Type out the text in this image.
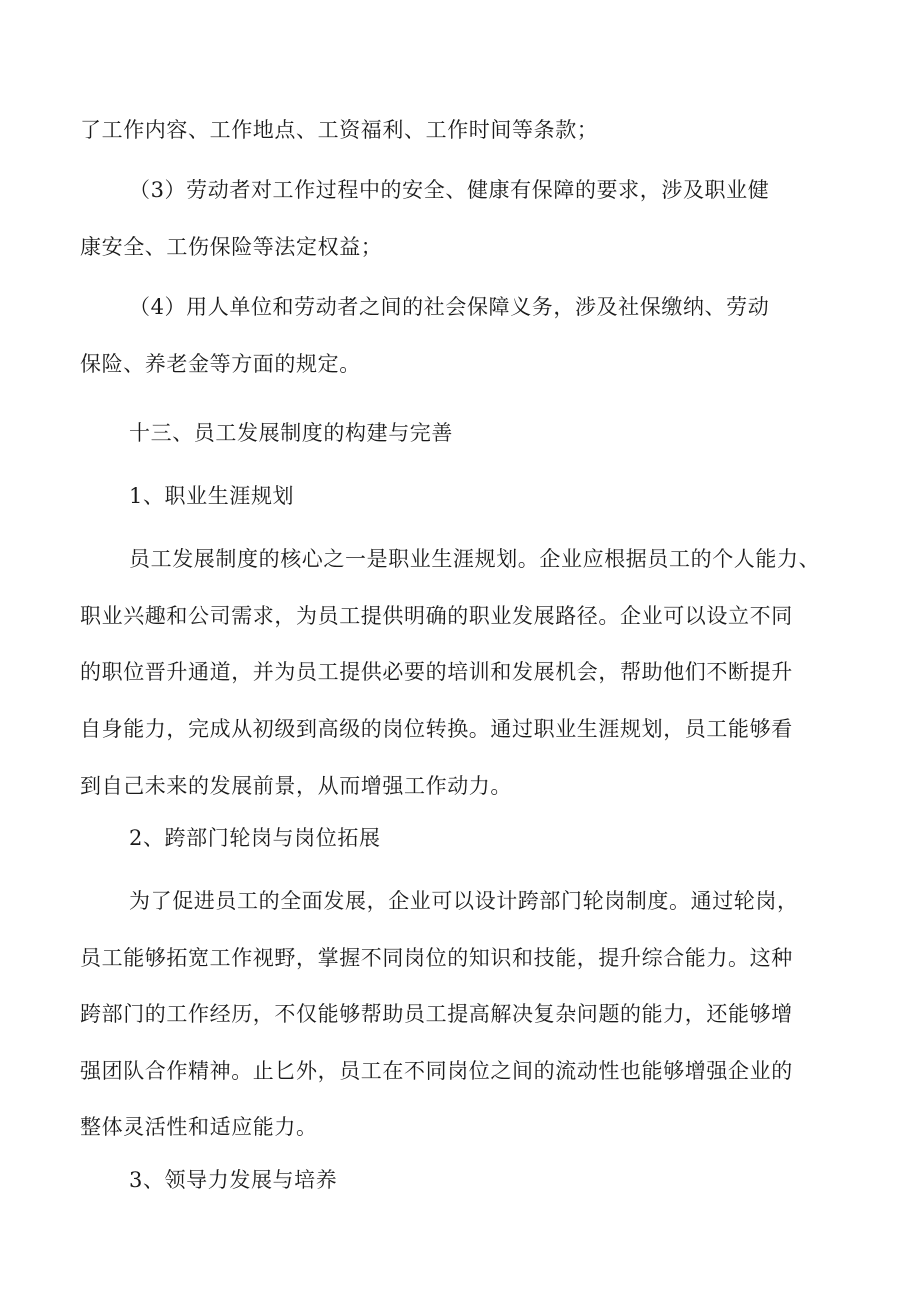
了工作内容、工作地点、工资福利、工作时间等条款；
（3）劳动者对工作过程中的安全、健康有保障的要求，涉及职业健
康安全、工伤保险等法定权益；
（4）用人单位和劳动者之间的社会保障义务，涉及社保缴纳、劳动
保险、养老金等方面的规定。
十三、员工发展制度的构建与完善
1、职业生涯规划
员工发展制度的核心之一是职业生涯规划。企业应根据员工的个人能力、
职业兴趣和公司需求，为员工提供明确的职业发展路径。企业可以设立不同
的职位晋升通道，并为员工提供必要的培训和发展机会，帮助他们不断提升
自身能力，完成从初级到高级的岗位转换。通过职业生涯规划，员工能够看
到自己未来的发展前景，从而增强工作动力。
2、跨部门轮岗与岗位拓展
为了促进员工的全面发展，企业可以设计跨部门轮岗制度。通过轮岗，
员工能够拓宽工作视野，掌握不同岗位的知识和技能，提升综合能力。这种
跨部门的工作经历，不仅能够帮助员工提高解决复杂问题的能力，还能够增
强团队合作精神。止匕外，员工在不同岗位之间的流动性也能够增强企业的
整体灵活性和适应能力。
3、领导力发展与培养
